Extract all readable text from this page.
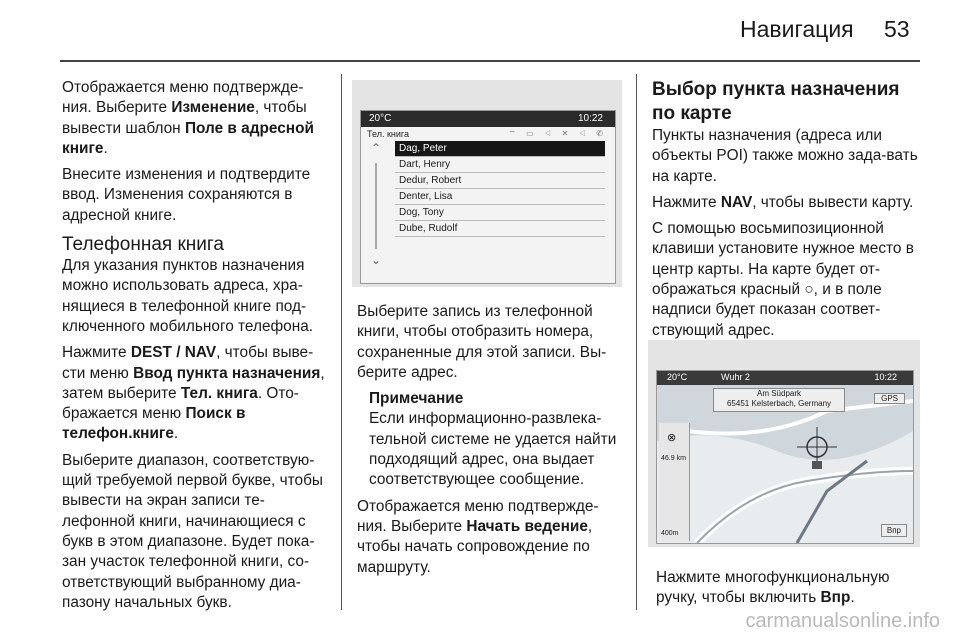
Навигация 53

Отображается меню подтвержде-ния. Выберите Изменение, чтобы вывести шаблон Поле в адресной книге.

Внесите изменения и подтвердите ввод. Изменения сохраняются в адресной книге.

Телефонная книга

Для указания пунктов назначения можно использовать адреса, хра-нящиеся в телефонной книге под-ключенного мобильного телефона.

Нажмите DEST / NAV, чтобы выве-сти меню Ввод пункта назначения, затем выберите Тел. книга. Ото-бражается меню Поиск в телефон.книге.

Выберите диапазон, соответствую-щий требуемой первой букве, чтобы вывести на экран записи те-лефонной книги, начинающиеся с букв в этом диапазоне. Будет пока-зан участок телефонной книги, со-ответствующий выбранному диа-пазону начальных букв.

20°C	10:22
Тел. книга	⌔ ▭ ◁ ✕ ◁ ✆
⌃
⌄
Dag, Peter
Dart, Henry
Dedur, Robert
Denter, Lisa
Dog, Tony
Dube, Rudolf

Выберите запись из телефонной книги, чтобы отобразить номера, сохраненные для этой записи. Вы-берите адрес.

Примечание
Если информационно-развлека-тельной системе не удается найти подходящий адрес, она выдает соответствующее сообщение.

Отображается меню подтвержде-ния. Выберите Начать ведение, чтобы начать сопровождение по маршруту.

Выбор пункта назначения по карте

Пункты назначения (адреса или объекты POI) также можно зада-вать на карте.

Нажмите NAV, чтобы вывести карту.

С помощью восьмипозиционной клавиши установите нужное место в центр карты. На карте будет от-ображаться красный ○, и в поле надписи будет показан соответ-ствующий адрес.

20°C	Wuhr 2	10:22
Am Südpark
65451 Kelsterbach, Germany
GPS
⊗
46.9 km
400m	Впр

Нажмите многофункциональную ручку, чтобы включить Впр.

carmanualsonline.info
